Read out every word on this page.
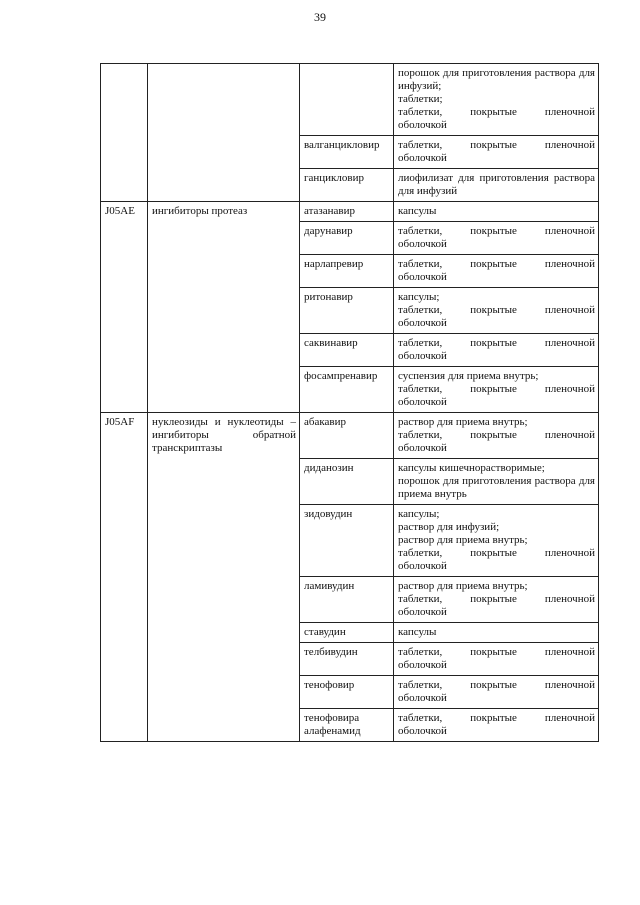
39

			порошок для приготовления раствора для инфузий;
таблетки;
таблетки, покрытые пленочной оболочкой

		валганцикловир	таблетки, покрытые пленочной оболочкой

		ганцикловир	лиофилизат для приготовления раствора для инфузий

J05AE	ингибиторы протеаз	атазанавир	капсулы

		дарунавир	таблетки, покрытые пленочной оболочкой

		нарлапревир	таблетки, покрытые пленочной оболочкой

		ритонавир	капсулы;
таблетки, покрытые пленочной оболочкой

		саквинавир	таблетки, покрытые пленочной оболочкой

		фосампренавир	суспензия для приема внутрь;
таблетки, покрытые пленочной оболочкой

J05AF	нуклеозиды и нуклеотиды – ингибиторы обратной транскриптазы	абакавир	раствор для приема внутрь;
таблетки, покрытые пленочной оболочкой

		диданозин	капсулы кишечнорастворимые;
порошок для приготовления раствора для приема внутрь

		зидовудин	капсулы;
раствор для инфузий;
раствор для приема внутрь;
таблетки, покрытые пленочной оболочкой

		ламивудин	раствор для приема внутрь;
таблетки, покрытые пленочной оболочкой

		ставудин	капсулы

		телбивудин	таблетки, покрытые пленочной оболочкой

		тенофовир	таблетки, покрытые пленочной оболочкой

		тенофовира алафенамид	таблетки, покрытые пленочной оболочкой
